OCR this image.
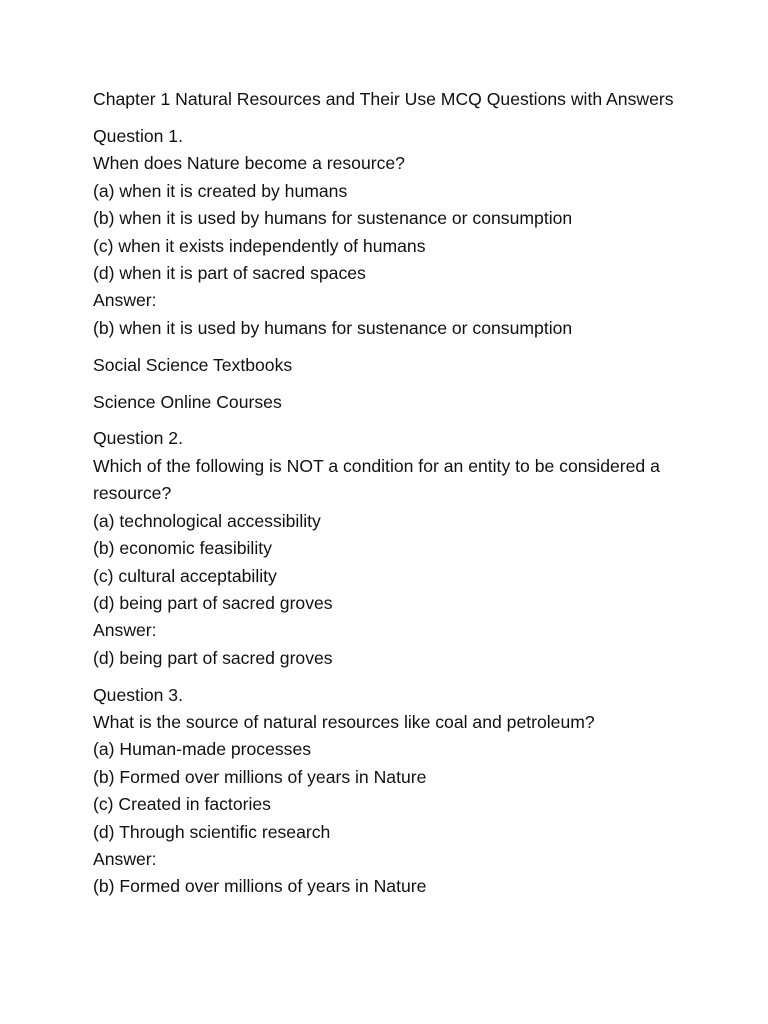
Chapter 1 Natural Resources and Their Use MCQ Questions with Answers

Question 1.
When does Nature become a resource?
(a) when it is created by humans
(b) when it is used by humans for sustenance or consumption
(c) when it exists independently of humans
(d) when it is part of sacred spaces
Answer:
(b) when it is used by humans for sustenance or consumption

Social Science Textbooks

Science Online Courses

Question 2.
Which of the following is NOT a condition for an entity to be considered a resource?
(a) technological accessibility
(b) economic feasibility
(c) cultural acceptability
(d) being part of sacred groves
Answer:
(d) being part of sacred groves
Question 3.
What is the source of natural resources like coal and petroleum?
(a) Human-made processes
(b) Formed over millions of years in Nature
(c) Created in factories
(d) Through scientific research
Answer:
(b) Formed over millions of years in Nature
